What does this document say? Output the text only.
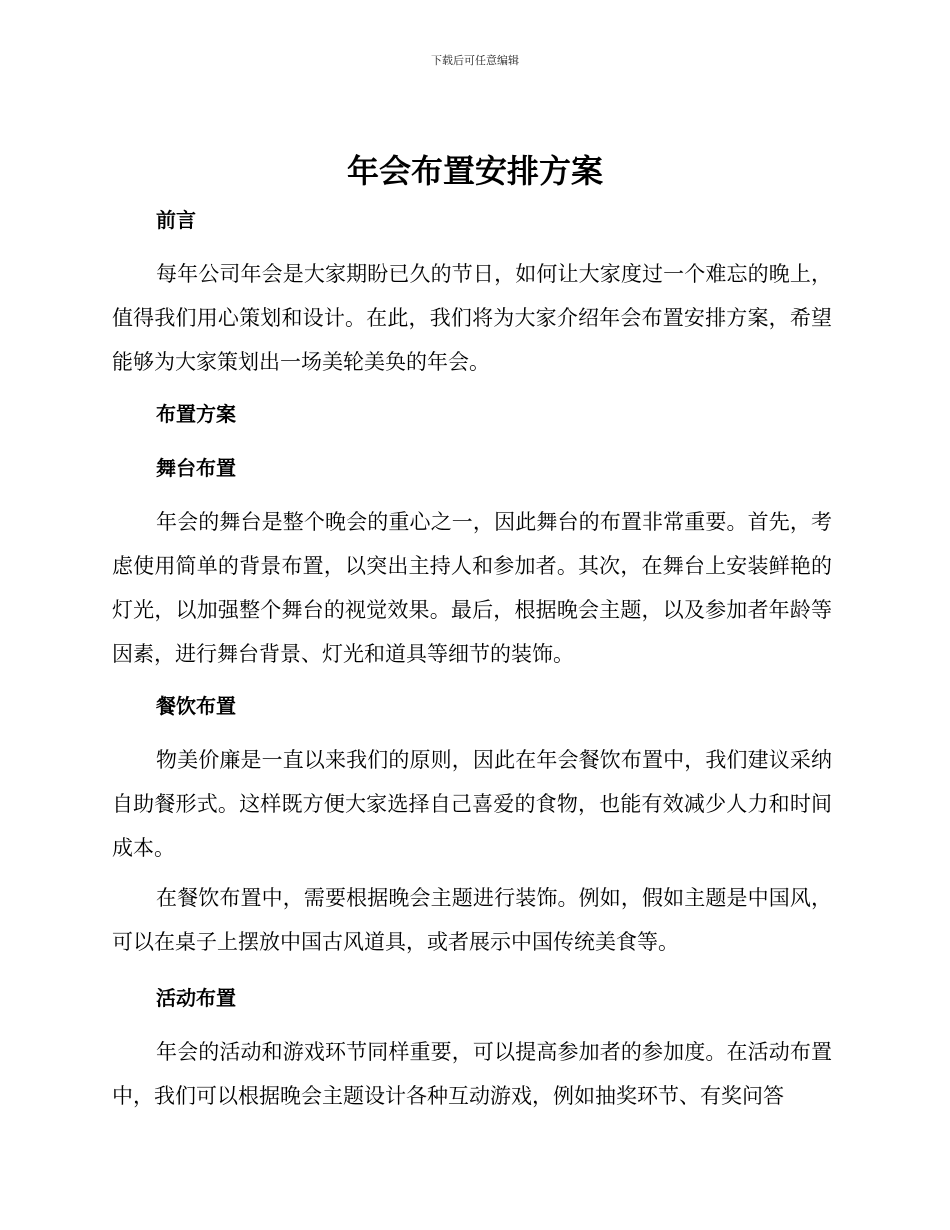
下载后可任意编辑
年会布置安排方案
前言

每年公司年会是大家期盼已久的节日，如何让大家度过一个难忘的晚上，值得我们用心策划和设计。在此，我们将为大家介绍年会布置安排方案，希望能够为大家策划出一场美轮美奂的年会。

布置方案
舞台布置

年会的舞台是整个晚会的重心之一，因此舞台的布置非常重要。首先，考虑使用简单的背景布置，以突出主持人和参加者。其次，在舞台上安装鲜艳的灯光，以加强整个舞台的视觉效果。最后，根据晚会主题，以及参加者年龄等因素，进行舞台背景、灯光和道具等细节的装饰。

餐饮布置

物美价廉是一直以来我们的原则，因此在年会餐饮布置中，我们建议采纳自助餐形式。这样既方便大家选择自己喜爱的食物，也能有效减少人力和时间成本。

在餐饮布置中，需要根据晚会主题进行装饰。例如，假如主题是中国风，可以在桌子上摆放中国古风道具，或者展示中国传统美食等。

活动布置

年会的活动和游戏环节同样重要，可以提高参加者的参加度。在活动布置中，我们可以根据晚会主题设计各种互动游戏，例如抽奖环节、有奖问答
